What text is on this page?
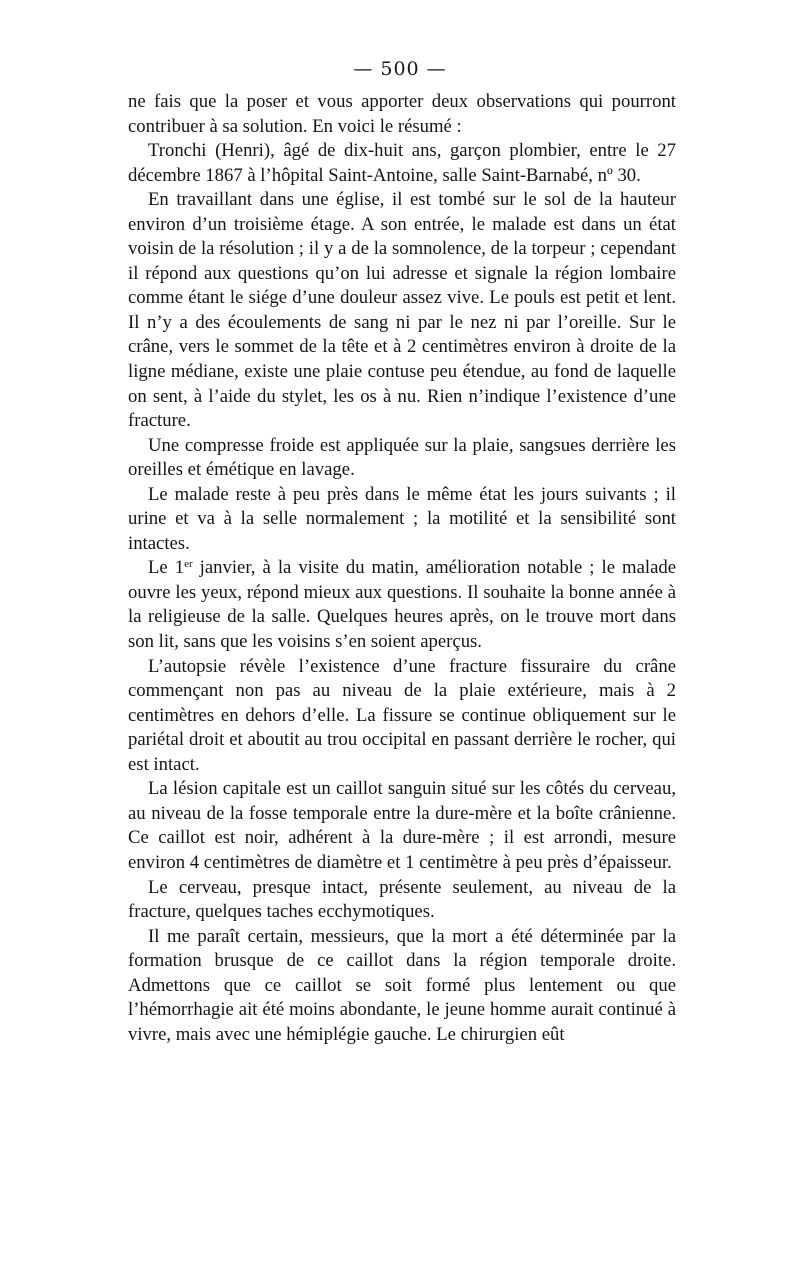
— 500 —

ne fais que la poser et vous apporter deux observations qui pourront contribuer à sa solution. En voici le résumé :

Tronchi (Henri), âgé de dix-huit ans, garçon plombier, entre le 27 décembre 1867 à l’hôpital Saint-Antoine, salle Saint-Barnabé, nº 30.

En travaillant dans une église, il est tombé sur le sol de la hauteur environ d’un troisième étage. A son entrée, le malade est dans un état voisin de la résolution ; il y a de la somnolence, de la torpeur ; cependant il répond aux questions qu’on lui adresse et signale la région lombaire comme étant le siége d’une douleur assez vive. Le pouls est petit et lent. Il n’y a des écoulements de sang ni par le nez ni par l’oreille. Sur le crâne, vers le sommet de la tête et à 2 centimètres environ à droite de la ligne médiane, existe une plaie contuse peu étendue, au fond de laquelle on sent, à l’aide du stylet, les os à nu. Rien n’indique l’existence d’une fracture.

Une compresse froide est appliquée sur la plaie, sangsues derrière les oreilles et émétique en lavage.

Le malade reste à peu près dans le même état les jours suivants ; il urine et va à la selle normalement ; la motilité et la sensibilité sont intactes.

Le 1er janvier, à la visite du matin, amélioration notable ; le malade ouvre les yeux, répond mieux aux questions. Il souhaite la bonne année à la religieuse de la salle. Quelques heures après, on le trouve mort dans son lit, sans que les voisins s’en soient aperçus.

L’autopsie révèle l’existence d’une fracture fissuraire du crâne commençant non pas au niveau de la plaie extérieure, mais à 2 centimètres en dehors d’elle. La fissure se continue obliquement sur le pariétal droit et aboutit au trou occipital en passant derrière le rocher, qui est intact.

La lésion capitale est un caillot sanguin situé sur les côtés du cerveau, au niveau de la fosse temporale entre la dure-mère et la boîte crânienne. Ce caillot est noir, adhérent à la dure-mère ; il est arrondi, mesure environ 4 centimètres de diamètre et 1 centimètre à peu près d’épaisseur.

Le cerveau, presque intact, présente seulement, au niveau de la fracture, quelques taches ecchymotiques.

Il me paraît certain, messieurs, que la mort a été déterminée par la formation brusque de ce caillot dans la région temporale droite. Admettons que ce caillot se soit formé plus lentement ou que l’hémorrhagie ait été moins abondante, le jeune homme aurait continué à vivre, mais avec une hémiplégie gauche. Le chirurgien eût
